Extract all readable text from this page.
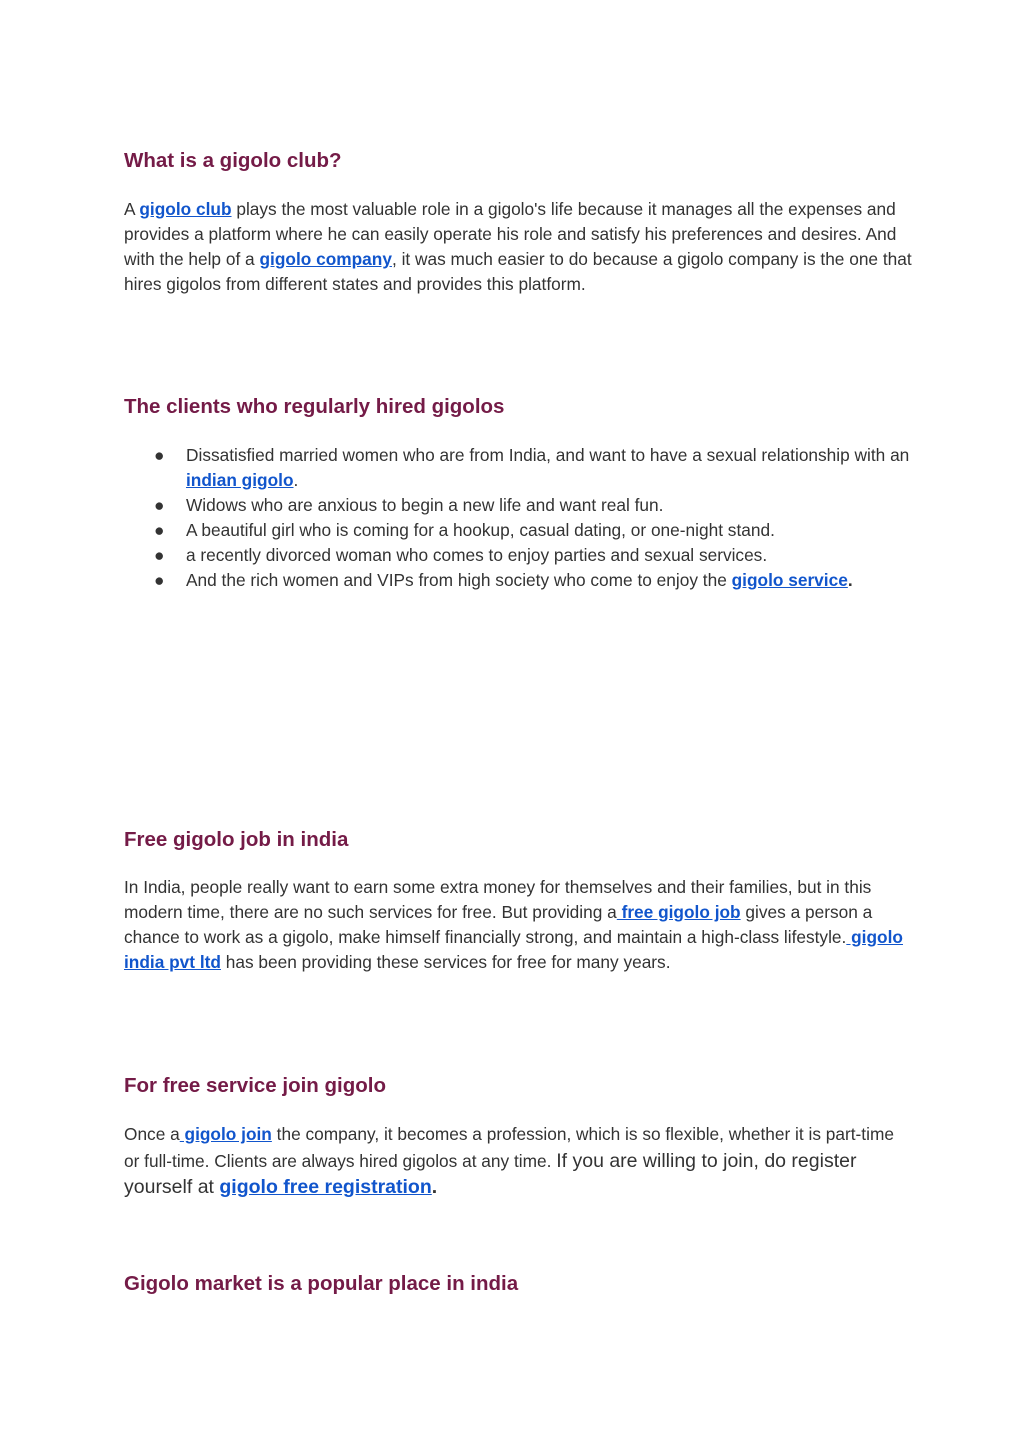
What is a gigolo club?

A gigolo club plays the most valuable role in a gigolo's life because it manages all the expenses and provides a platform where he can easily operate his role and satisfy his preferences and desires. And with the help of a gigolo company, it was much easier to do because a gigolo company is the one that hires gigolos from different states and provides this platform.

The clients who regularly hired gigolos
● Dissatisfied married women who are from India, and want to have a sexual relationship with an indian gigolo.
● Widows who are anxious to begin a new life and want real fun.
● A beautiful girl who is coming for a hookup, casual dating, or one-night stand.
● a recently divorced woman who comes to enjoy parties and sexual services.
● And the rich women and VIPs from high society who come to enjoy the gigolo service.
Free gigolo job in india

In India, people really want to earn some extra money for themselves and their families, but in this modern time, there are no such services for free. But providing a free gigolo job gives a person a chance to work as a gigolo, make himself financially strong, and maintain a high-class lifestyle. gigolo india pvt ltd has been providing these services for free for many years.

For free service join gigolo

Once a gigolo join the company, it becomes a profession, which is so flexible, whether it is part-time or full-time. Clients are always hired gigolos at any time. If you are willing to join, do register yourself at gigolo free registration.

Gigolo market is a popular place in india
